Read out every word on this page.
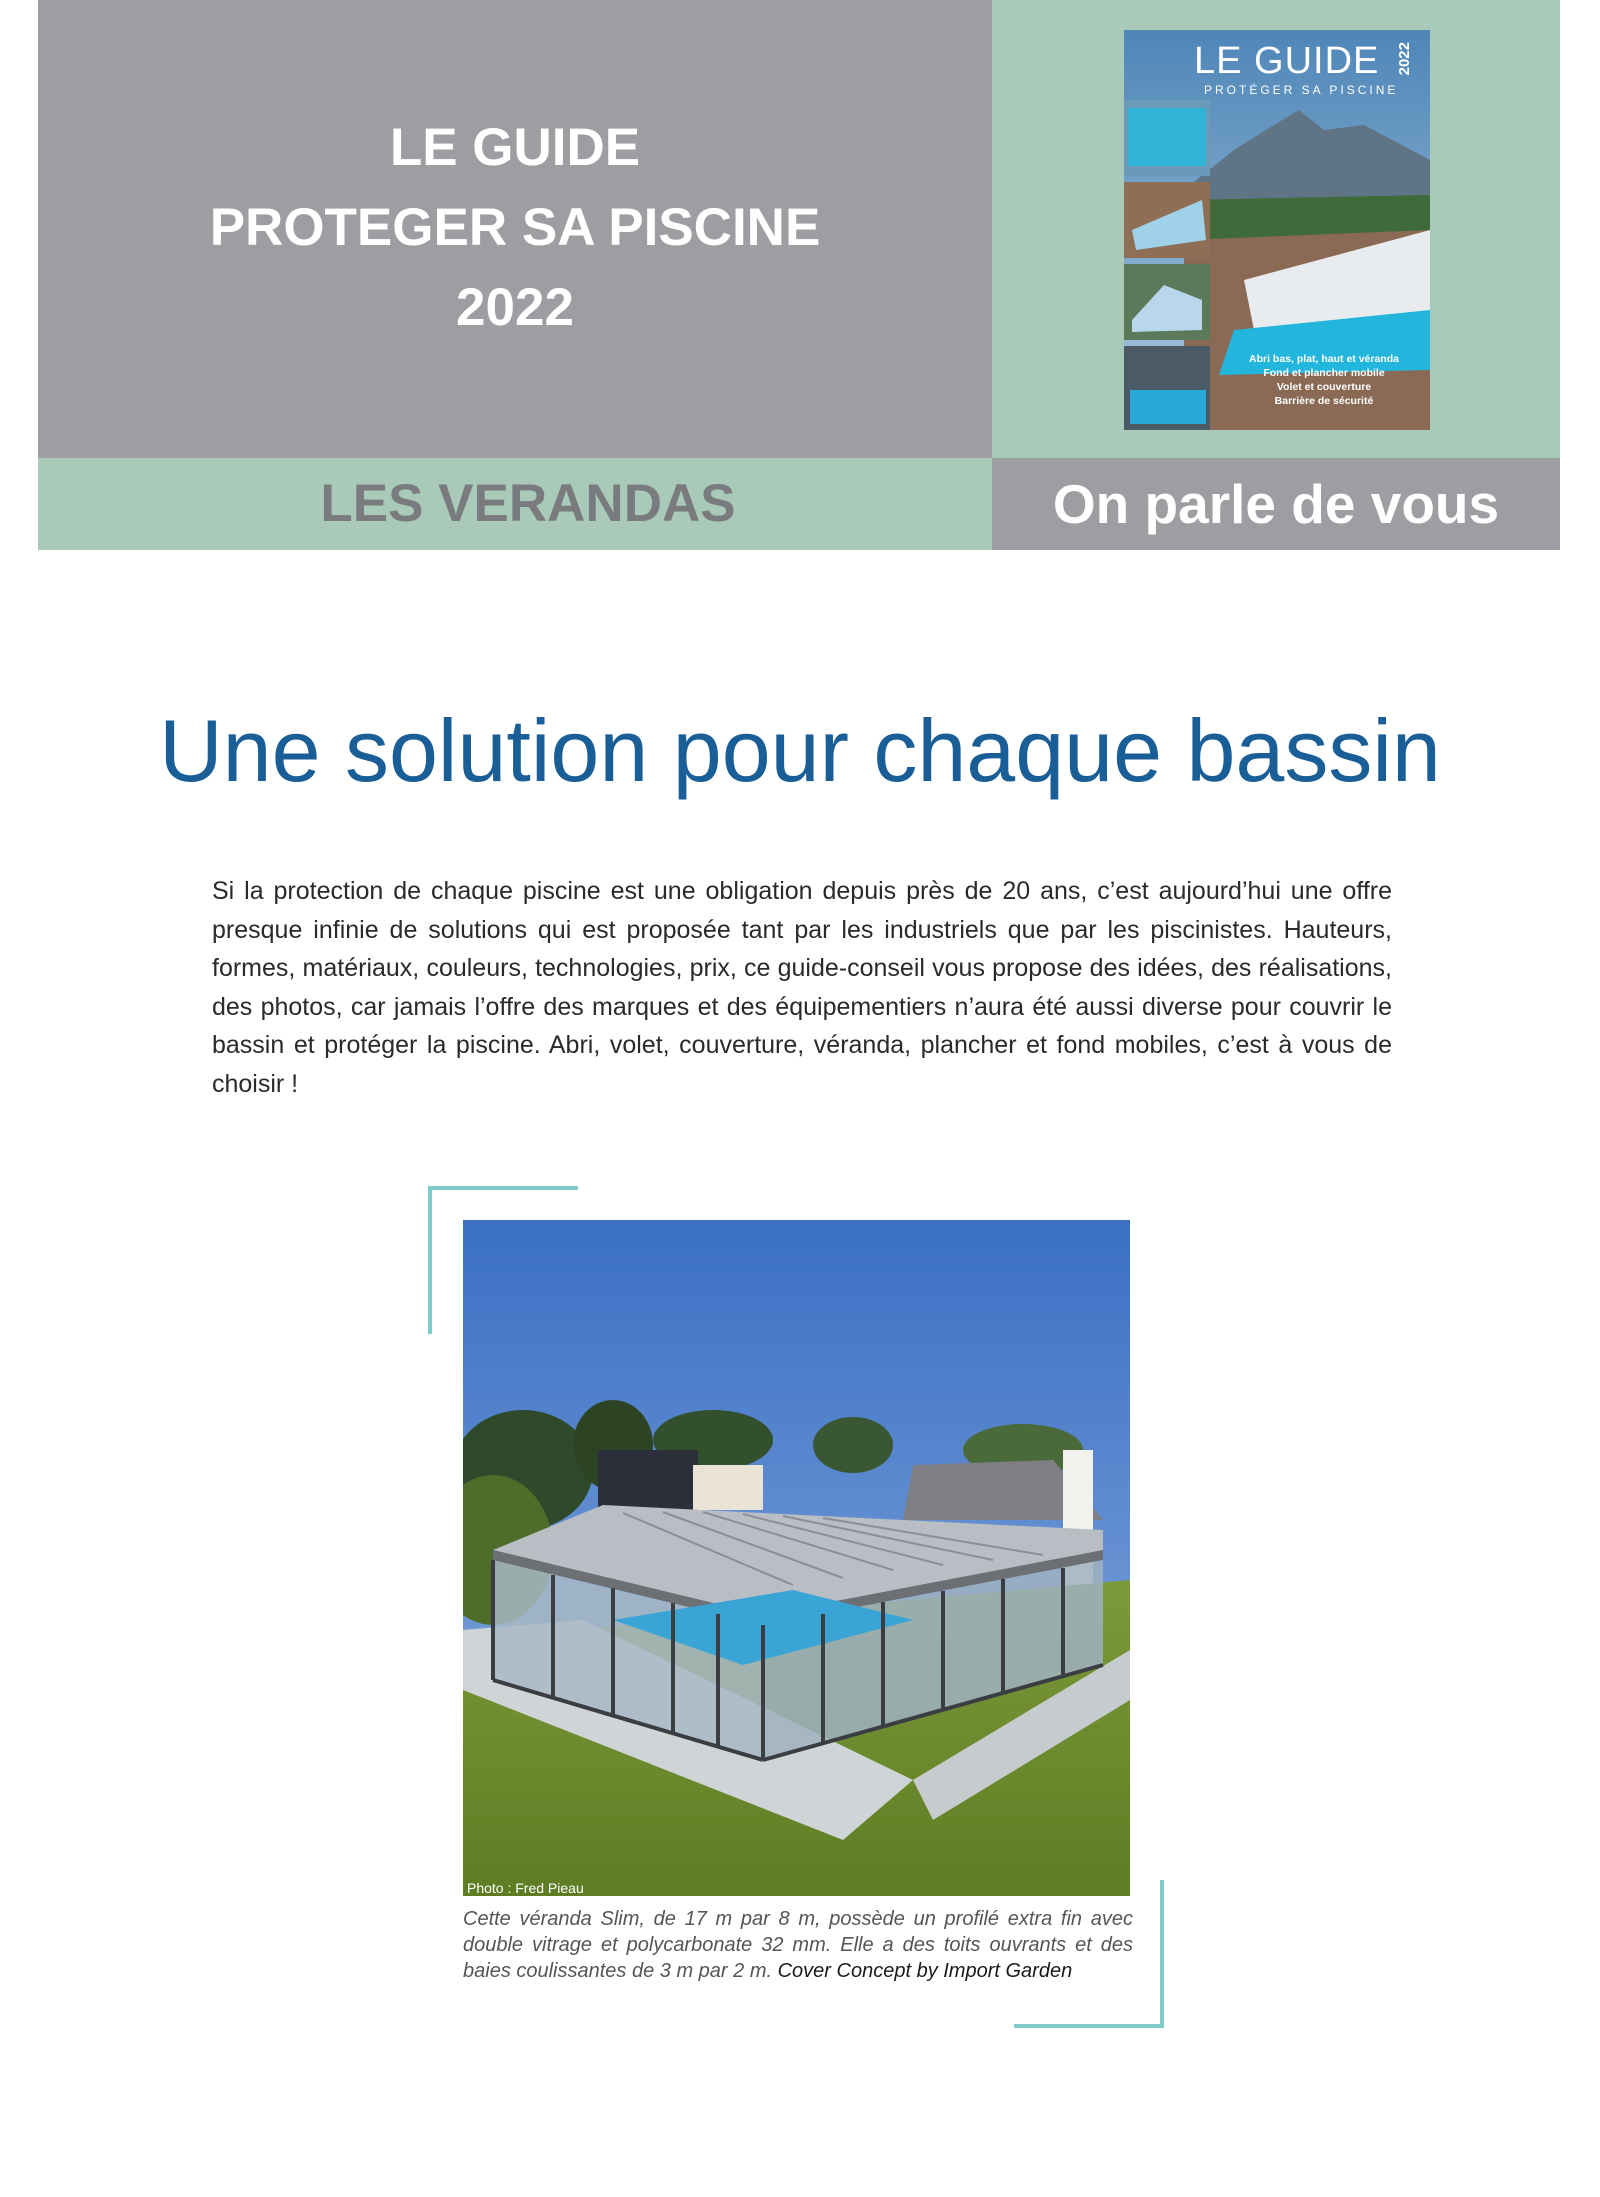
LE GUIDE
PROTEGER SA PISCINE
2022
LE GUIDE 2022
PROTÉGER SA PISCINE
Abri bas, plat, haut et véranda
Fond et plancher mobile
Volet et couverture
Barrière de sécurité
LES VERANDAS	On parle de vous
Une solution pour chaque bassin

Si la protection de chaque piscine est une obligation depuis près de 20 ans, c’est aujourd’hui une offre presque infinie de solutions qui est proposée tant par les industriels que par les piscinistes. Hauteurs, formes, matériaux, couleurs, technologies, prix, ce guide-conseil vous propose des idées, des réalisations, des photos, car jamais l’offre des marques et des équipementiers n’aura été aussi diverse pour couvrir le bassin et protéger la piscine. Abri, volet, couverture, véranda, plancher et fond mobiles, c’est à vous de choisir !

Photo : Fred Pieau

Cette véranda Slim, de 17 m par 8 m, possède un profilé extra fin avec double vitrage et polycarbonate 32 mm. Elle a des toits ouvrants et des baies coulissantes de 3 m par 2 m. Cover Concept by Import Garden
